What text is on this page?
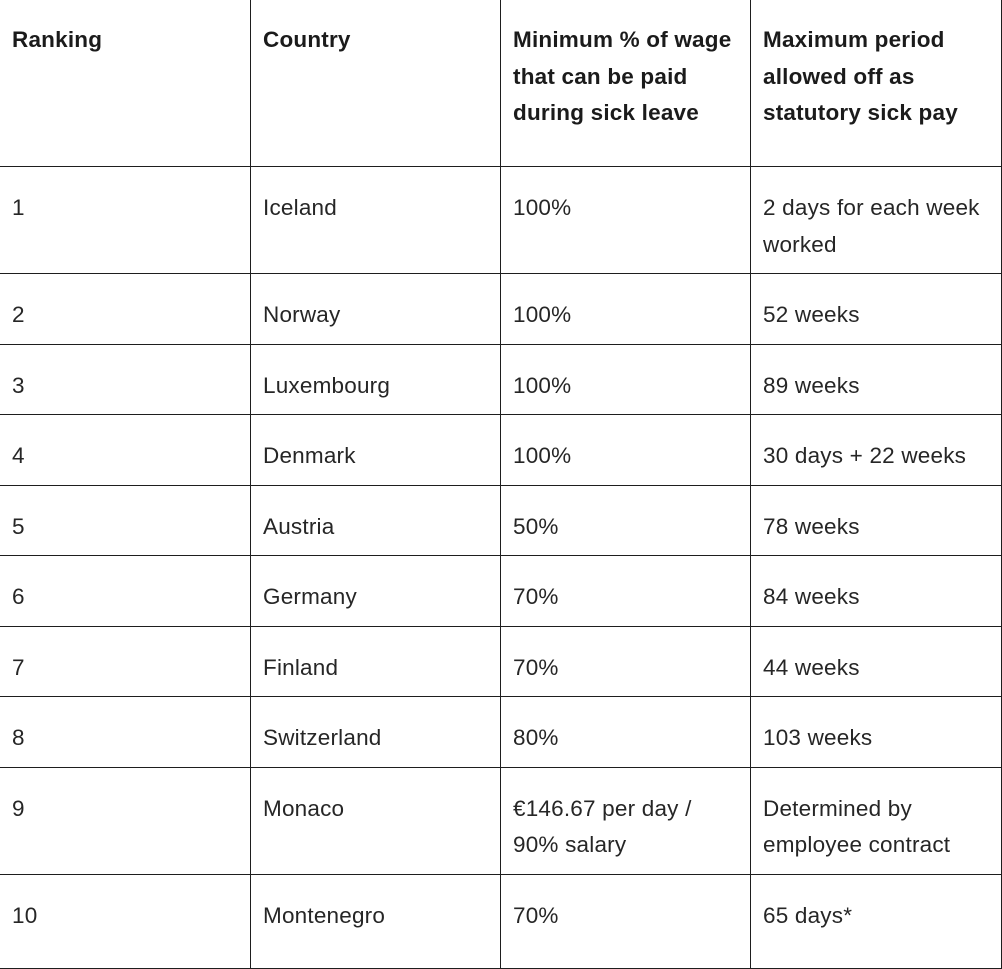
Ranking	Country	Minimum % of wage that can be paid during sick leave	Maximum period allowed off as statutory sick pay
1	Iceland	100%	2 days for each week worked
2	Norway	100%	52 weeks
3	Luxembourg	100%	89 weeks
4	Denmark	100%	30 days + 22 weeks
5	Austria	50%	78 weeks
6	Germany	70%	84 weeks
7	Finland	70%	44 weeks
8	Switzerland	80%	103 weeks
9	Monaco	€146.67 per day / 90% salary	Determined by employee contract
10	Montenegro	70%	65 days*
